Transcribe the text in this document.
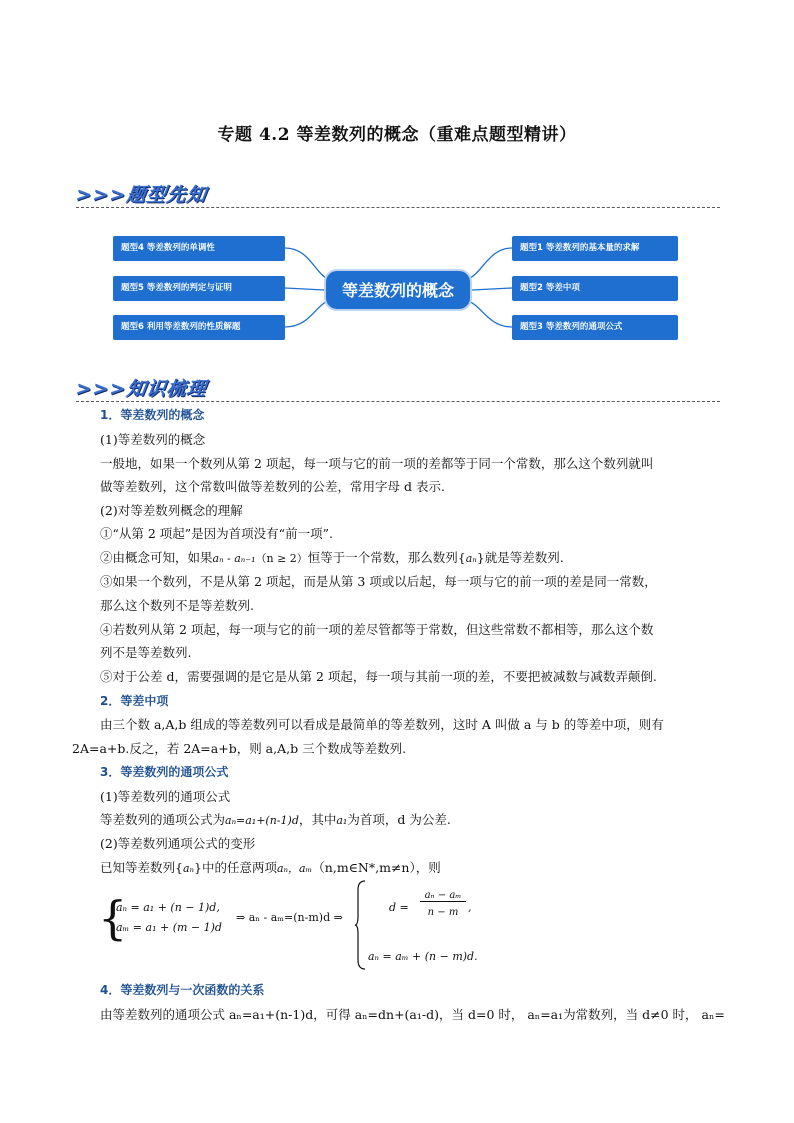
专题 4.2 等差数列的概念（重难点题型精讲）
>>>题型先知
题型4 等差数列的单调性
题型5 等差数列的判定与证明
题型6 利用等差数列的性质解题
等差数列的概念
题型1 等差数列的基本量的求解
题型2 等差中项
题型3 等差数列的通项公式
>>>知识梳理
1．等差数列的概念
(1)等差数列的概念
一般地，如果一个数列从第 2 项起，每一项与它的前一项的差都等于同一个常数，那么这个数列就叫
做等差数列，这个常数叫做等差数列的公差，常用字母 d 表示.
(2)对等差数列概念的理解
①“从第 2 项起”是因为首项没有“前一项”.
②由概念可知，如果aₙ - aₙ₋₁（n ≥ 2）恒等于一个常数，那么数列{aₙ}就是等差数列.
③如果一个数列，不是从第 2 项起，而是从第 3 项或以后起，每一项与它的前一项的差是同一常数，
那么这个数列不是等差数列.
④若数列从第 2 项起，每一项与它的前一项的差尽管都等于常数，但这些常数不都相等，那么这个数
列不是等差数列.
⑤对于公差 d，需要强调的是它是从第 2 项起，每一项与其前一项的差，不要把被减数与减数弄颠倒.
2．等差中项
由三个数 a,A,b 组成的等差数列可以看成是最简单的等差数列，这时 A 叫做 a 与 b 的等差中项，则有
2A=a+b.反之，若 2A=a+b，则 a,A,b 三个数成等差数列.
3．等差数列的通项公式
(1)等差数列的通项公式
等差数列的通项公式为aₙ=a₁+(n-1)d，其中a₁为首项，d 为公差.
(2)等差数列通项公式的变形
已知等差数列{aₙ}中的任意两项aₙ，aₘ（n,m∈N*,m≠n），则
{
aₙ = a₁ + (n − 1)d,
aₘ = a₁ + (m − 1)d
⇒ aₙ - aₘ=(n-m)d ⇒
d =
aₙ − aₘ
n − m ,
aₙ = aₘ + (n − m)d.
4．等差数列与一次函数的关系
由等差数列的通项公式 aₙ=a₁+(n-1)d，可得 aₙ=dn+(a₁-d)，当 d=0 时， aₙ=a₁为常数列，当 d≠0 时， aₙ=
